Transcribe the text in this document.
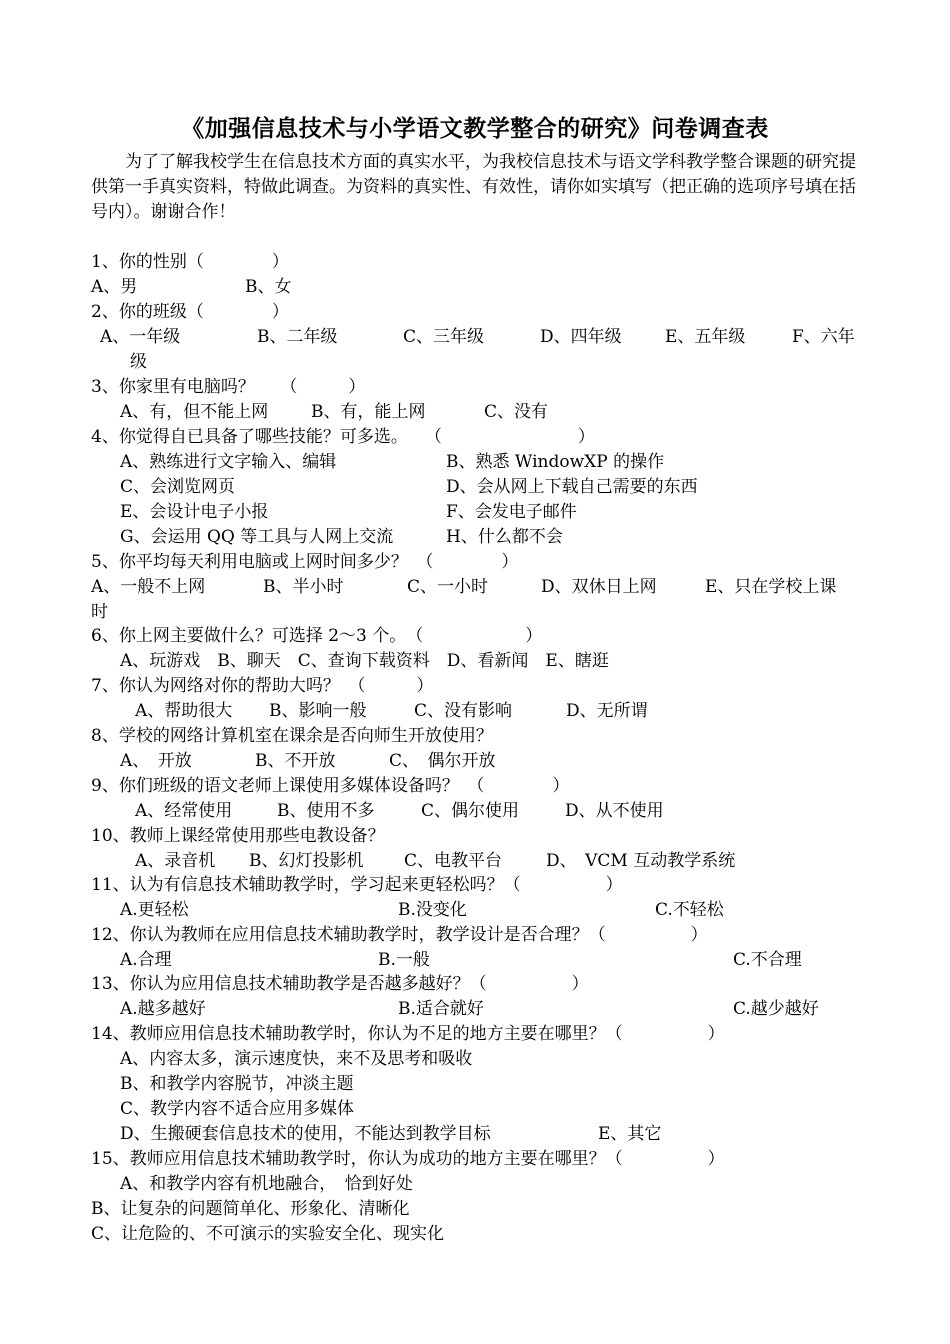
《加强信息技术与小学语文教学整合的研究》问卷调查表
为了了解我校学生在信息技术方面的真实水平，为我校信息技术与语文学科教学整合课题的研究提供第一手真实资料，特做此调查。为资料的真实性、有效性，请你如实填写（把正确的选项序号填在括号内）。谢谢合作！
1、你的性别（　　　　）
A、男	B、女
2、你的班级（　　　　）
A、一年级	B、二年级	C、三年级	D、四年级	E、五年级	F、六年
级
3、你家里有电脑吗？　　（　　　）
A、有，但不能上网	B、有，能上网	C、没有
4、你觉得自已具备了哪些技能？可多选。　　（　　　　　　　　）
A、熟练进行文字输入、编辑	B、熟悉 WindowXP 的操作
C、会浏览网页	D、会从网上下载自己需要的东西
E、会设计电子小报	F、会发电子邮件
G、会运用 QQ 等工具与人网上交流	H、什么都不会
5、你平均每天利用电脑或上网时间多少？　（　　　　）
A、一般不上网	B、半小时	C、一小时	D、双休日上网	E、只在学校上课
时
6、你上网主要做什么？可选择 2～3 个。　（　　　　　　）
A、玩游戏　B、聊天　C、查询下载资料　D、看新闻　E、瞎逛
7、你认为网络对你的帮助大吗？　（　　　）
A、帮助很大 B、影响一般	C、没有影响	D、无所谓
8、学校的网络计算机室在课余是否向师生开放使用？
A、　开放	B、不开放	C、　偶尔开放
9、你们班级的语文老师上课使用多媒体设备吗？　（　　　　）
A、经常使用	B、使用不多	C、偶尔使用	D、从不使用
10、教师上课经常使用那些电教设备？
A、录音机 B、幻灯投影机 C、电教平台	D、　VCM 互动教学系统
11、认为有信息技术辅助教学时，学习起来更轻松吗？（　　　　　）
A.更轻松	B.没变化	C.不轻松
12、你认为教师在应用信息技术辅助教学时，教学设计是否合理？（　　　　　）
A.合理	B.一般	C.不合理
13、你认为应用信息技术辅助教学是否越多越好？（　　　　　）
A.越多越好	B.适合就好	C.越少越好
14、教师应用信息技术辅助教学时，你认为不足的地方主要在哪里？（　　　　　）
A、内容太多，演示速度快，来不及思考和吸收
B、和教学内容脱节，冲淡主题
C、教学内容不适合应用多媒体
D、生搬硬套信息技术的使用，不能达到教学目标	E、其它
15、教师应用信息技术辅助教学时，你认为成功的地方主要在哪里？（　　　　　）
A、和教学内容有机地融合，　恰到好处
B、让复杂的问题简单化、形象化、清晰化
C、让危险的、不可演示的实验安全化、现实化
